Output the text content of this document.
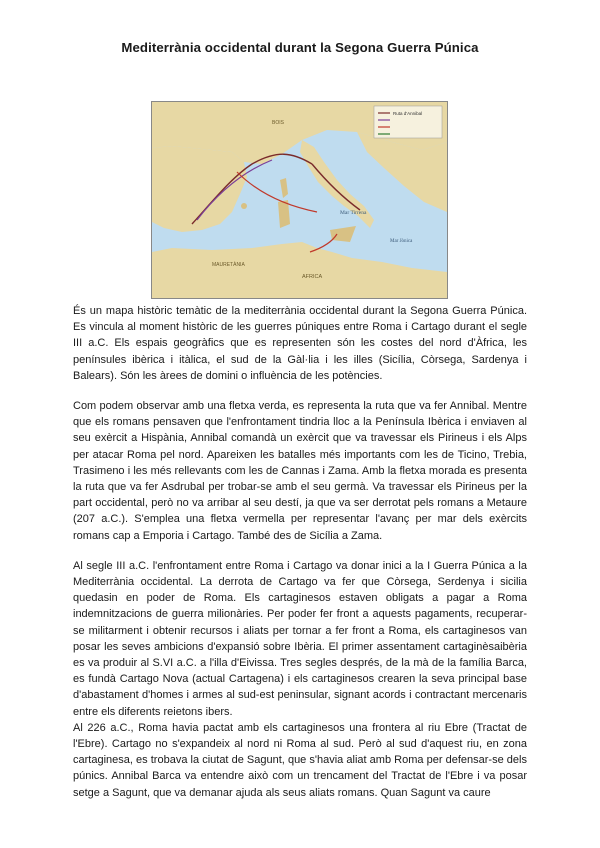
Mediterrània occidental durant la Segona Guerra Púnica
Ruta d'Annibal
Mar Tirrena
Mar Jònica
AFRICA
MAURETÀNIA
BOIS

És un mapa històric temàtic de la mediterrània occidental durant la Segona Guerra Púnica. Es vincula al moment històric de les guerres púniques entre Roma i Cartago durant el segle III a.C. Els espais geogràfics que es representen són les costes del nord d'Àfrica, les penínsules ibèrica i itàlica, el sud de la Gàl·lia i les illes (Sicília, Còrsega, Sardenya i Balears). Són les àrees de domini o influència de les potències.

Com podem observar amb una fletxa verda, es representa la ruta que va fer Annibal. Mentre que els romans pensaven que l'enfrontament tindria lloc a la Península Ibèrica i enviaven al seu exèrcit a Hispània, Annibal comandà un exèrcit que va travessar els Pirineus i els Alps per atacar Roma pel nord. Apareixen les batalles més importants com les de Ticino, Trebia, Trasimeno i les més rellevants com les de Cannas i Zama. Amb la fletxa morada es presenta la ruta que va fer Asdrubal per trobar-se amb el seu germà. Va travessar els Pirineus per la part occidental, però no va arribar al seu destí, ja que va ser derrotat pels romans a Metaure (207 a.C.). S'emplea una fletxa vermella per representar l'avanç per mar dels exèrcits romans cap a Emporia i Cartago. També des de Sicília a Zama.

Al segle III a.C. l'enfrontament entre Roma i Cartago va donar inici a la I Guerra Púnica a la Mediterrània occidental. La derrota de Cartago va fer que Còrsega, Serdenya i sicilia quedasin en poder de Roma. Els cartaginesos estaven obligats a pagar a Roma indemnitzacions de guerra milionàries. Per poder fer front a aquests pagaments, recuperar-se militarment i obtenir recursos i aliats per tornar a fer front a Roma, els cartaginesos van posar les seves ambicions d'expansió sobre Ibèria. El primer assentament cartaginèsaibèria es va produir al S.VI a.C. a l'illa d'Eivissa. Tres segles després, de la mà de la família Barca, es fundà Cartago Nova (actual Cartagena) i els cartaginesos crearen la seva principal base d'abastament d'homes i armes al sud-est peninsular, signant acords i contractant mercenaris entre els diferents reietons ibers.

Al 226 a.C., Roma havia pactat amb els cartaginesos una frontera al riu Ebre (Tractat de l'Ebre). Cartago no s'expandeix al nord ni Roma al sud. Però al sud d'aquest riu, en zona cartaginesa, es trobava la ciutat de Sagunt, que s'havia aliat amb Roma per defensar-se dels púnics. Annibal Barca va entendre això com un trencament del Tractat de l'Ebre i va posar setge a Sagunt, que va demanar ajuda als seus aliats romans. Quan Sagunt va caure
